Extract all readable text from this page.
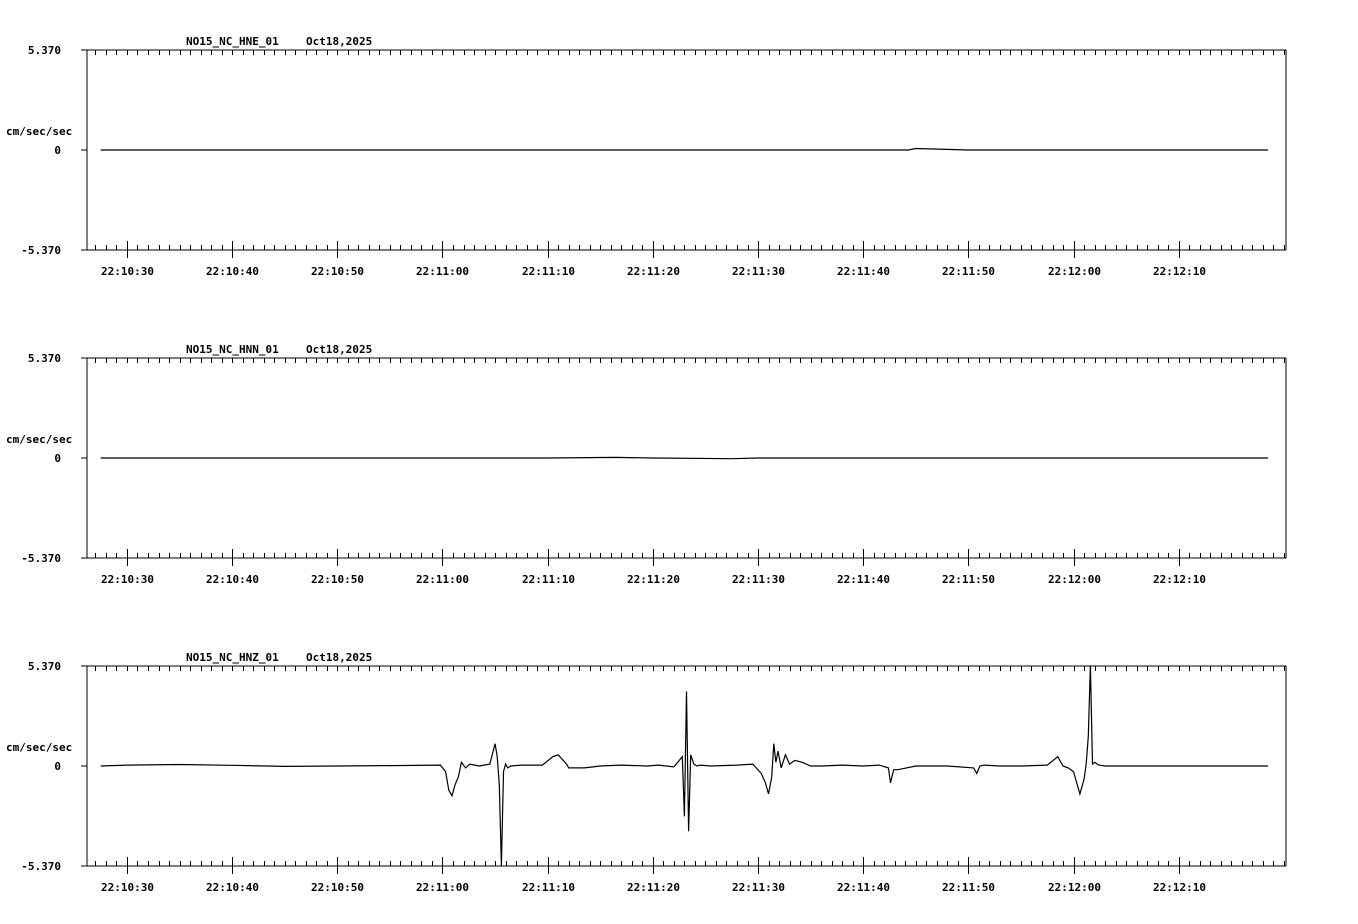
5.370
0
-5.370
cm/sec/sec
NO15_NC_HNE_01 Oct18,2025
22:10:30	22:10:40	22:10:50	22:11:00	22:11:10	22:11:20	22:11:30	22:11:40	22:11:50	22:12:00	22:12:10
5.370
0
-5.370
cm/sec/sec
NO15_NC_HNN_01 Oct18,2025
22:10:30	22:10:40	22:10:50	22:11:00	22:11:10	22:11:20	22:11:30	22:11:40	22:11:50	22:12:00	22:12:10
5.370
0
-5.370
cm/sec/sec
NO15_NC_HNZ_01 Oct18,2025
22:10:30	22:10:40	22:10:50	22:11:00	22:11:10	22:11:20	22:11:30	22:11:40	22:11:50	22:12:00	22:12:10
